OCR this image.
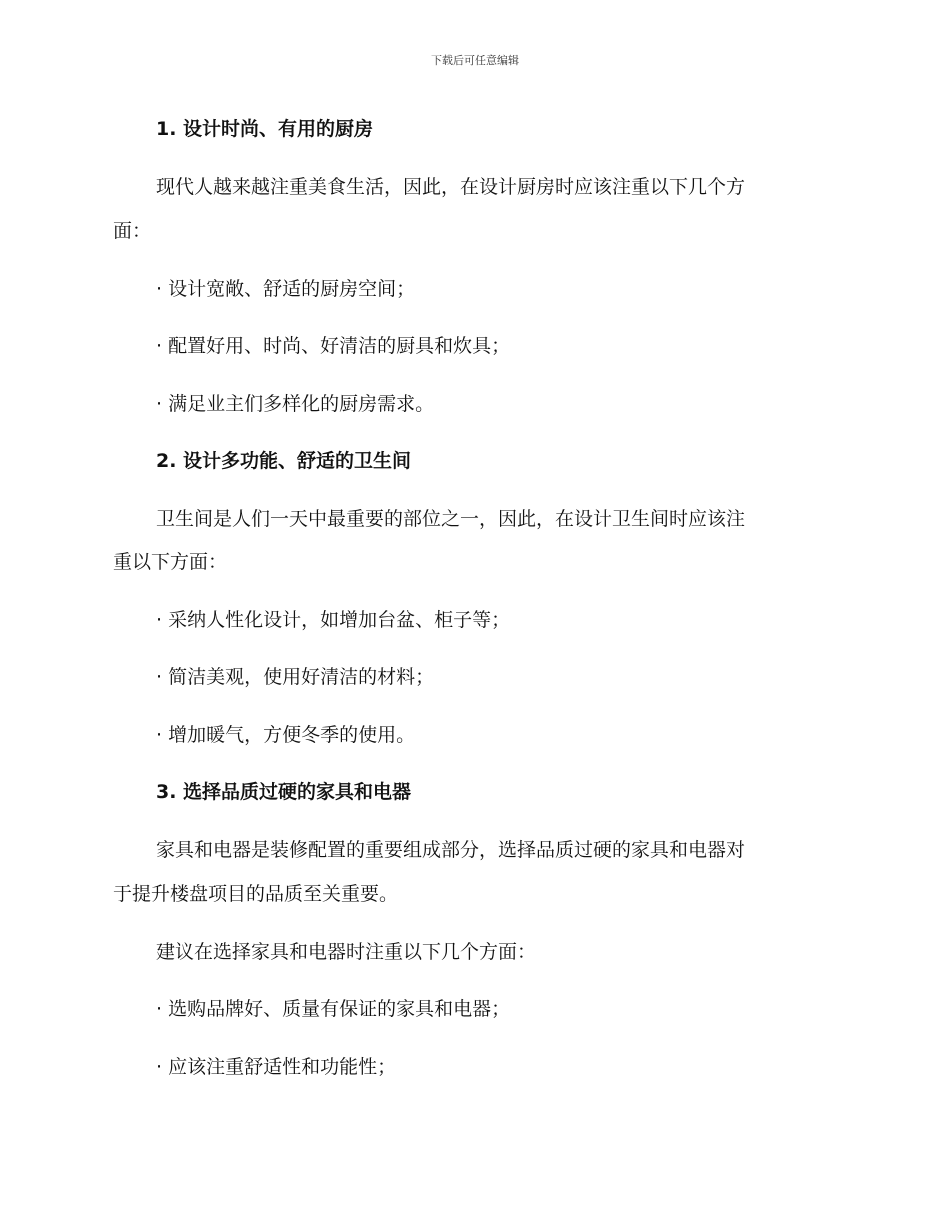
下载后可任意编辑
1. 设计时尚、有用的厨房
现代人越来越注重美食生活，因此，在设计厨房时应该注重以下几个方
面：
· 设计宽敞、舒适的厨房空间；
· 配置好用、时尚、好清洁的厨具和炊具；
· 满足业主们多样化的厨房需求。
2. 设计多功能、舒适的卫生间
卫生间是人们一天中最重要的部位之一，因此，在设计卫生间时应该注
重以下方面：
· 采纳人性化设计，如增加台盆、柜子等；
· 简洁美观，使用好清洁的材料；
· 增加暖气，方便冬季的使用。
3. 选择品质过硬的家具和电器
家具和电器是装修配置的重要组成部分，选择品质过硬的家具和电器对
于提升楼盘项目的品质至关重要。
建议在选择家具和电器时注重以下几个方面：
· 选购品牌好、质量有保证的家具和电器；
· 应该注重舒适性和功能性；
